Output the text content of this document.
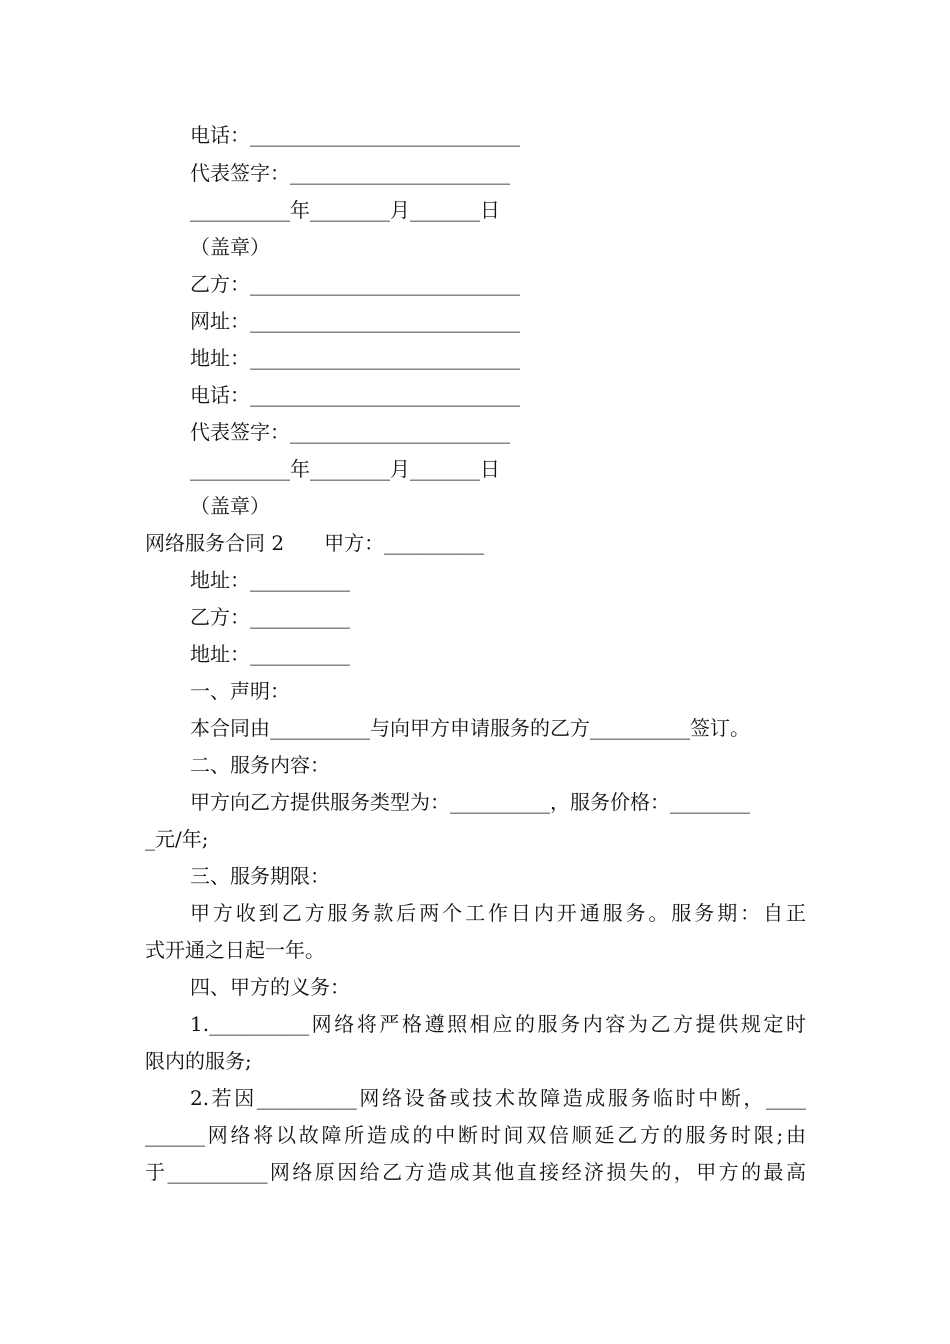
电话：___________________________
代表签字：______________________
__________年________月_______日
（盖章）
乙方：___________________________
网址：___________________________
地址：___________________________
电话：___________________________
代表签字：______________________
__________年________月_______日
（盖章）
网络服务合同 2　　甲方：__________
地址：__________
乙方：__________
地址：__________
一、声明：
本合同由__________与向甲方申请服务的乙方__________签订。
二、服务内容：
甲方向乙方提供服务类型为：__________，服务价格：________
_元/年;
三、服务期限：
甲方收到乙方服务款后两个工作日内开通服务。服务期：自正
式开通之日起一年。
四、甲方的义务：
1.__________网络将严格遵照相应的服务内容为乙方提供规定时
限内的服务;
2.若因__________网络设备或技术故障造成服务临时中断，____
______网络将以故障所造成的中断时间双倍顺延乙方的服务时限;由
于__________网络原因给乙方造成其他直接经济损失的，甲方的最高
